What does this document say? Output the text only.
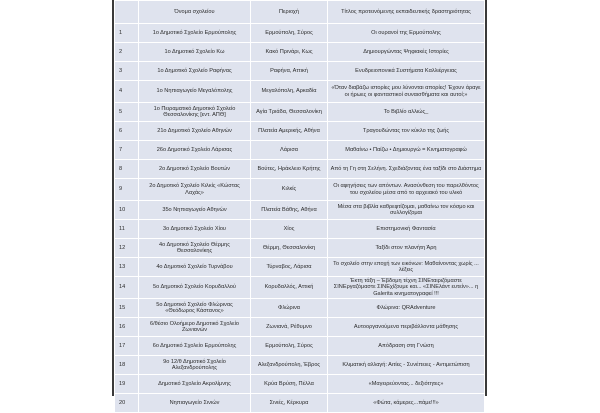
	Όνομα σχολείου	Περιοχή	Τίτλος προτεινόμενης εκπαιδευτικής δραστηριότητας
1	1ο Δημοτικό Σχολείο Ερμούπολης	Ερμούπολη, Σύρος	Οι ουρανοί της Ερμούπολης
2	1ο Δημοτικό Σχολείο Κω	Κακό Πρινάρι, Κως	Δημιουργώντας Ψηφιακές Ιστορίες
3	1ο Δημοτικό Σχολείο Ραφήνας	Ραφήνα, Αττική	Ενυδρειοπονικά Συστήματα Καλλιέργειας
4	1ο Νηπιαγωγείο Μεγαλόπολης	Μεγαλόπολη, Αρκαδία	«Όταν διαβάζω ιστορίες μου λύνονται απορίες! Έχουν άραγε οι ήρωες οι φανταστικοί συναισθήματα και αυτοί;»
5	1ο Πειραματικό Δημοτικό Σχολείο Θεσσαλονίκης [εντ. ΑΠΘ]	Αγία Τριάδα, Θεσσαλονίκη	Το Βιβλίο αλλιώς_
6	21ο Δημοτικό Σχολείο Αθηνών	Πλατεία Αμερικής, Αθήνα	Τραγουδώντας τον κύκλο της ζωής
7	26ο Δημοτικό Σχολείο Λάρισας	Λάρισα	Μαθαίνω • Παίζω • Δημιουργώ = Κινηματογραφώ
8	2ο Δημοτικό Σχολείο Βουτών	Βούτες, Ηράκλειο Κρήτης	Από τη Γη στη Σελήνη. Σχεδιάζοντας ένα ταξίδι στο Διάστημα
9	2ο Δημοτικό Σχολείο Κιλκίς «Κώστας Λαχάς»	Κιλκίς	Οι αφηγήσεις των απόντων. Ανασύνθεση του παρελθόντος του σχολείου μέσα από το αρχειακό του υλικό
10	35ο Νηπιαγωγείο Αθηνών	Πλατεία Βάθης, Αθήνα	Μέσα στα βιβλία καθρεφτίζομαι, μαθαίνω τον κόσμο και συλλογίζομαι
11	3ο Δημοτικό Σχολείο Χίου	Χίος	Επιστημονική Φαντασία
12	4ο Δημοτικό Σχολείο Θέρμης Θεσσαλονίκης	Θέρμη, Θεσσαλονίκη	Ταξίδι στον πλανήτη Άρη
13	4ο Δημοτικό Σχολείο Τυρνάβου	Τύρναβος, Λάρισα	Το σχολείο στην εποχή των εικόνων: Μαθαίνοντας χωρίς ... λέξεις
14	5ο Δημοτικό Σχολείο Κορυδαλλού	Κορυδαλλός, Αττική	Έκτη τάξη – Έβδομη τέχνη ΣΙΝΕταιριζόμαστε ΣΙΝΕργαζόμαστε ΣΙΝΕχίζουμε και... «ΣΙΝΕλάντ ευτείν»... η Galerita κινηματογραφεί !!!
15	5ο Δημοτικό Σχολείο Φλώρινας «Θεόδωρος Κάστανος»	Φλώρινα	Φλώρινα: QRAdventure
16	6/θέσιο Ολοήμερο Δημοτικό Σχολείο Ζωνιανών	Ζωνιανά, Ρέθυμνο	Αυτοοργανούμενα περιβάλλοντα μάθησης
17	6ο Δημοτικό Σχολείο Ερμούπολης	Ερμούπολη, Σύρος	Απόδραση στη Γνώση
18	9ο 12/θ Δημοτικό Σχολείο Αλεξανδρούπολης	Αλεξανδρούπολη, Έβρος	Κλιματική αλλαγή: Αιτίες - Συνέπειες - Αντιμετώπιση
19	Δημοτικό Σχολείο Ακρολίμνης	Κρύα Βρύση, Πέλλα	«Μαγειρεύοντας... δεξιότητες»
20	Νηπιαγωγείο Σινιών	Σινιές, Κέρκυρα	«Φώτα, κάμερες...πάμε!!!»
